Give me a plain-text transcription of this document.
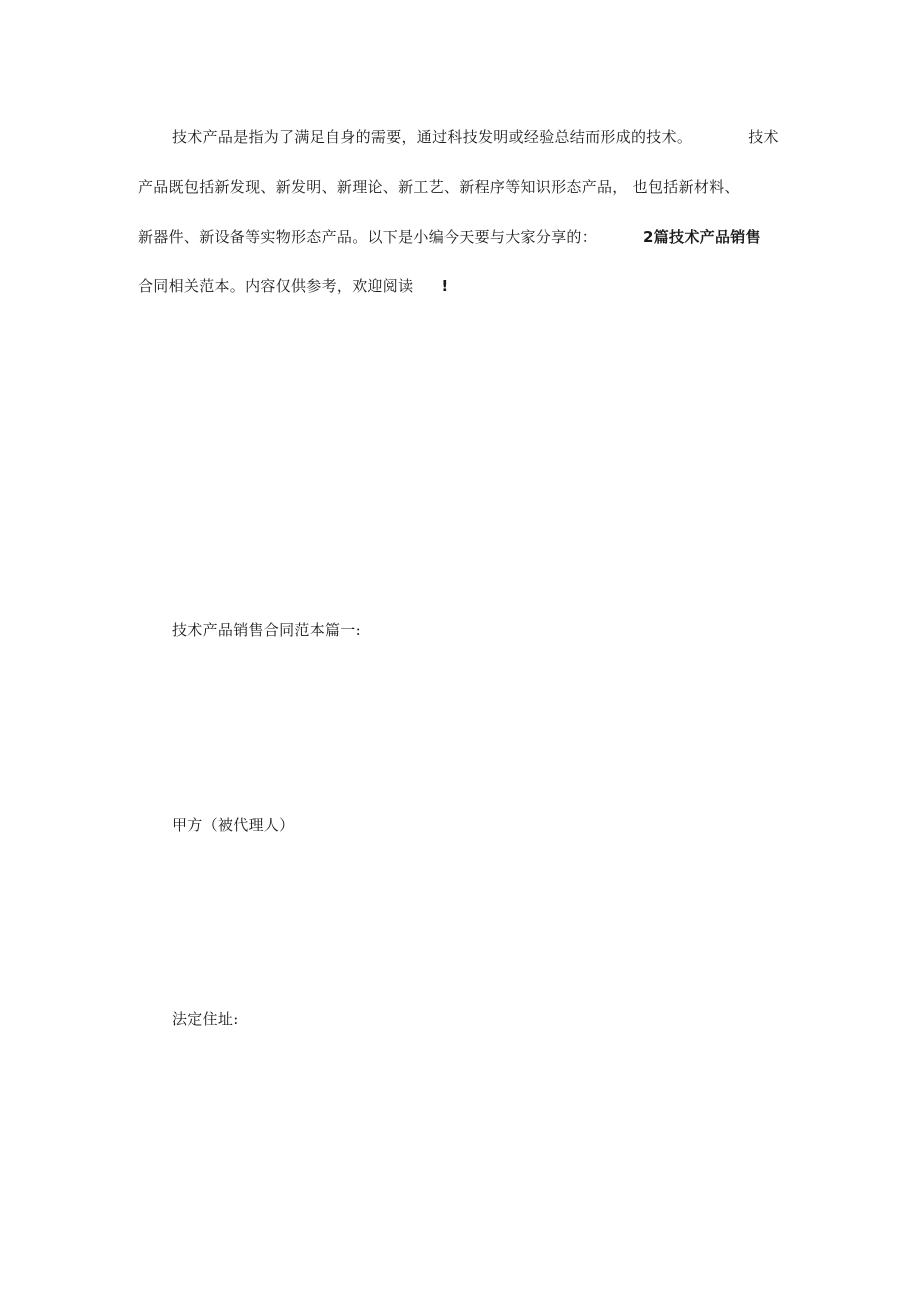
技术产品是指为了满足自身的需要，通过科技发明或经验总结而形成的技术。	技术
产品既包括新发现、新发明、新理论、新工艺、新程序等知识形态产品， 也包括新材料、
新器件、新设备等实物形态产品。以下是小编今天要与大家分享的：	2篇技术产品销售
合同相关范本。内容仅供参考，欢迎阅读 !
技术产品销售合同范本篇一:
甲方（被代理人）
法定住址:
